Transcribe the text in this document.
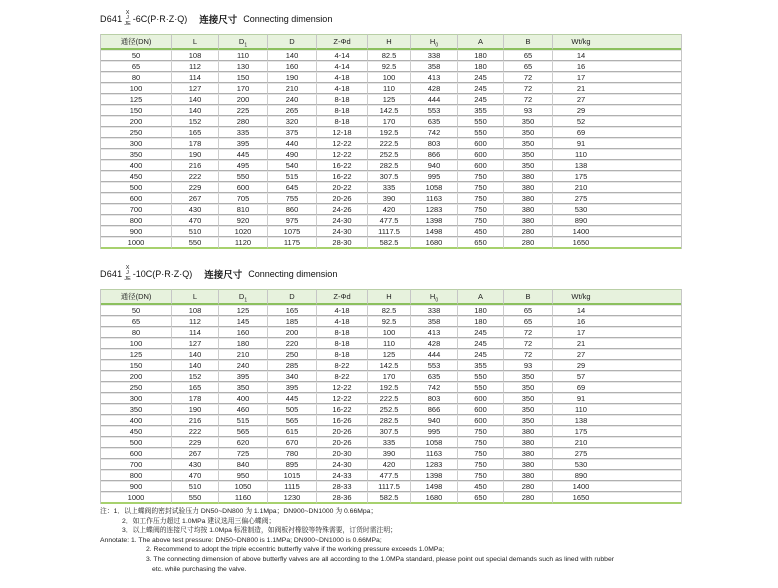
D641
X
J
JE -6C(P·R·Z·Q) 连接尺寸 Connecting dimension
通径(DN)	L	$D_1$	D	Z-Φd	H	$H_0$	A	B	Wt/kg
50	108	110	140	4-14	82.5	338	180	65	14
65	112	130	160	4-14	92.5	358	180	65	16
80	114	150	190	4-18	100	413	245	72	17
100	127	170	210	4-18	110	428	245	72	21
125	140	200	240	8-18	125	444	245	72	27
150	140	225	265	8-18	142.5	553	355	93	29
200	152	280	320	8-18	170	635	550	350	52
250	165	335	375	12-18	192.5	742	550	350	69
300	178	395	440	12-22	222.5	803	600	350	91
350	190	445	490	12-22	252.5	866	600	350	110
400	216	495	540	16-22	282.5	940	600	350	138
450	222	550	515	16-22	307.5	995	750	380	175
500	229	600	645	20-22	335	1058	750	380	210
600	267	705	755	20-26	390	1163	750	380	275
700	430	810	860	24-26	420	1283	750	380	530
800	470	920	975	24-30	477.5	1398	750	380	890
900	510	1020	1075	24-30	1117.5	1498	450	280	1400
1000	550	1120	1175	28-30	582.5	1680	650	280	1650
D641
X
J
JE -10C(P·R·Z·Q) 连接尺寸 Connecting dimension
通径(DN)	L	$D_1$	D	Z-Φd	H	$H_0$	A	B	Wt/kg
50	108	125	165	4-18	82.5	338	180	65	14
65	112	145	185	4-18	92.5	358	180	65	16
80	114	160	200	8-18	100	413	245	72	17
100	127	180	220	8-18	110	428	245	72	21
125	140	210	250	8-18	125	444	245	72	27
150	140	240	285	8-22	142.5	553	355	93	29
200	152	395	340	8-22	170	635	550	350	57
250	165	350	395	12-22	192.5	742	550	350	69
300	178	400	445	12-22	222.5	803	600	350	91
350	190	460	505	16-22	252.5	866	600	350	110
400	216	515	565	16-26	282.5	940	600	350	138
450	222	565	615	20-26	307.5	995	750	380	175
500	229	620	670	20-26	335	1058	750	380	210
600	267	725	780	20-30	390	1163	750	380	275
700	430	840	895	24-30	420	1283	750	380	530
800	470	950	1015	24-33	477.5	1398	750	380	890
900	510	1050	1115	28-33	1117.5	1498	450	280	1400
1000	550	1160	1230	28-36	582.5	1680	650	280	1650
注：1．以上蝶阀的密封试验压力 DN50~DN800 为 1.1Mpa；DN900~DN1000 为 0.66Mpa；
2．如工作压力超过 1.0MPa 建议选用三偏心蝶阀；
3．以上蝶阀的连接尺寸均按 1.0Mpa 标准制造，如阀板衬橡胶等特殊需要，订货时需注明；
Annotate: 1. The above test pressure: DN50~DN800 is 1.1MPa; DN900~DN1000 is 0.66MPa;
2. Recommend to adopt the triple eccentric butterfly valve if the working pressure exceeds 1.0MPa;
3. The connecting dimension of above butterfly valves are all according to the 1.0MPa standard, please point out special demands such as lined with rubber
etc. while purchasing the valve.
